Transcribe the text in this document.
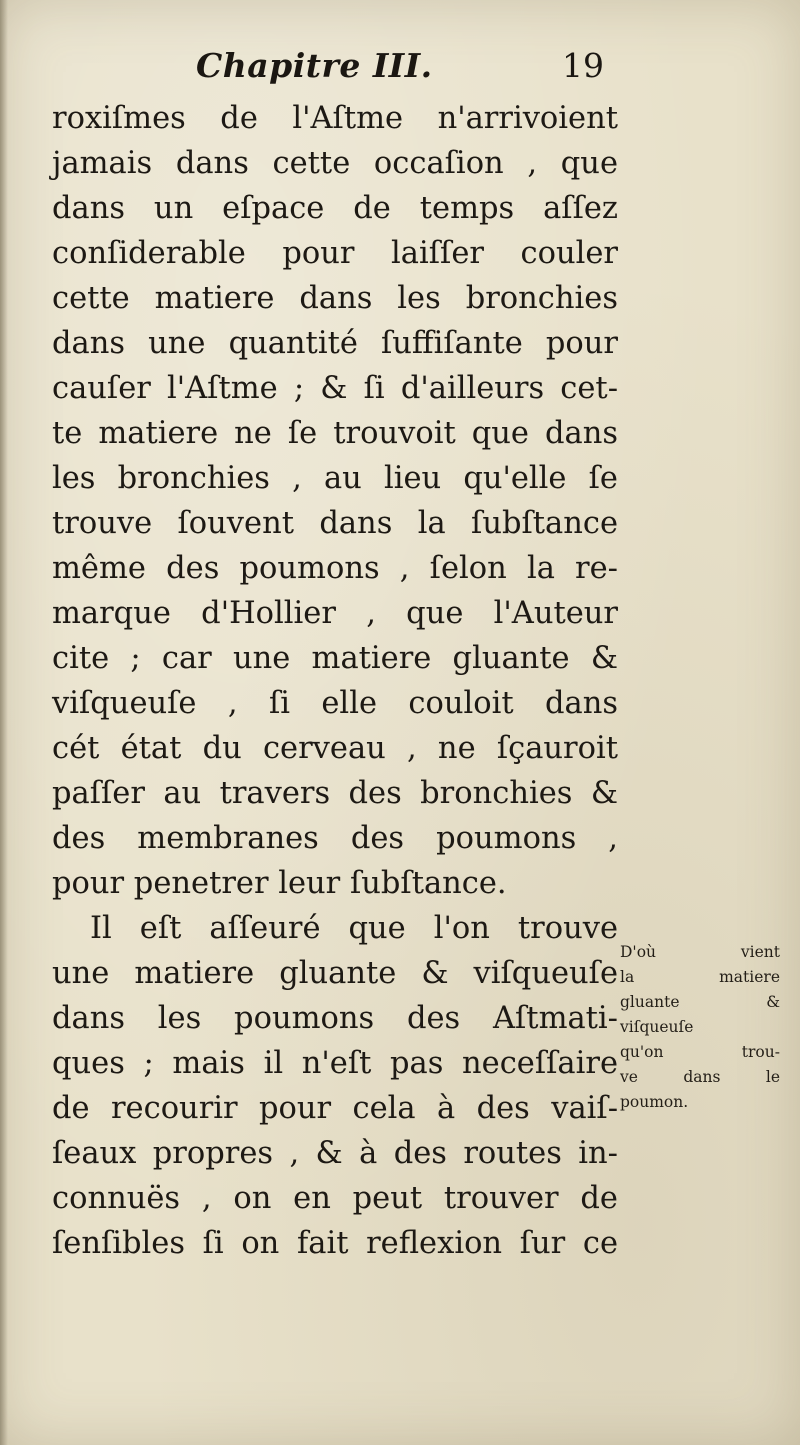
Chapitre III.	19
roxiſmes de l'Aſtme n'arrivoient
jamais dans cette occaſion , que
dans un eſpace de temps aſſez
conſiderable pour laiſſer couler
cette matiere dans les bronchies
dans une quantité ſuffiſante pour
cauſer l'Aſtme ; & ſi d'ailleurs cet-
te matiere ne ſe trouvoit que dans
les bronchies , au lieu qu'elle ſe
trouve ſouvent dans la ſubſtance
même des poumons , ſelon la re-
marque d'Hollier , que l'Auteur
cite ; car une matiere gluante &
viſqueuſe , ſi elle couloit dans
cét état du cerveau , ne ſçauroit
paſſer au travers des bronchies &
des membranes des poumons ,
pour penetrer leur ſubſtance.
Il eſt aſſeuré que l'on trouve
une matiere gluante & viſqueuſe
dans les poumons des Aſtmati-
ques ; mais il n'eſt pas neceſſaire
de recourir pour cela à des vaiſ-
ſeaux propres , & à des routes in-
connuës , on en peut trouver de
ſenſibles ſi on fait reflexion ſur ce
D'où vient
la matiere
gluante &
viſqueuſe
qu'on trou-
ve dans le
poumon.
